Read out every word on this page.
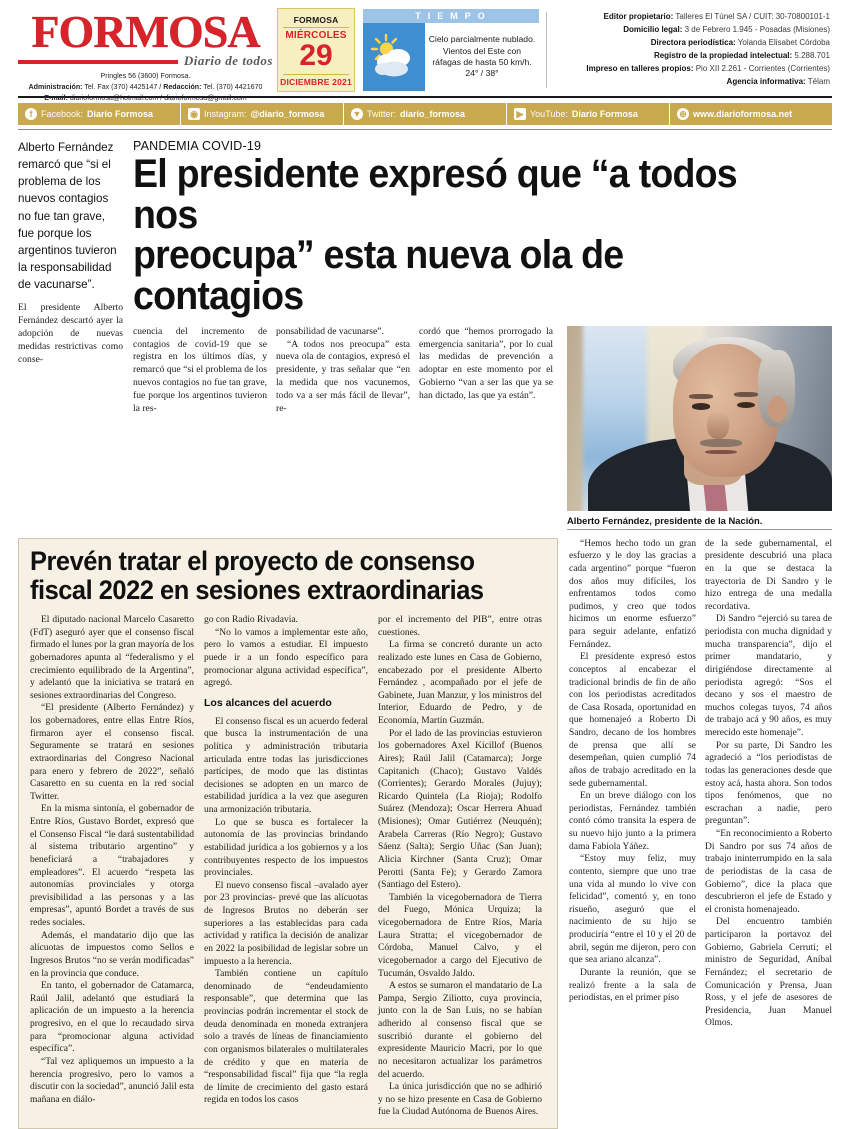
FORMOSA
Diario de todos
Pringles 56 (3600) Formosa.
Administración: Tel. Fax (370) 4425147 / Redacción: Tel. (370) 4421670
E-mail: diarioformosa@hotmail.com / diarioformosa@gmail.com
FORMOSA
MIÉRCOLES
29
DICIEMBRE 2021
TIEMPO
Cielo parcialmente nublado. Vientos del Este con ráfagas de hasta 50 km/h.
24° / 38°
Editor propietario: Talleres El Túnel SA / CUIT: 30-70800101-1
Domicilio legal: 3 de Febrero 1.945 - Posadas (Misiones)
Directora periodística: Yolanda Elisabet Córdoba
Registro de la propiedad intelectual: 5.288.701
Impreso en talleres propios: Pio XII 2.261 - Corrientes (Corrientes)
Agencia informativa: Télam
f Facebook: Diario Formosa	◉ Instagram: @diario_formosa	▼ Twitter: diario_formosa	▶ YouTube: Diario Formosa	⊕ www.diarioformosa.net
Alberto Fernández remarcó que “si el problema de los nuevos contagios no fue tan grave, fue porque los argentinos tuvieron la responsabilidad de vacunarse”.
El presidente Alberto Fernández descartó ayer la adopción de nuevas medidas restrictivas como conse-
PANDEMIA COVID-19
El presidente expresó que “a todos nos
preocupa” esta nueva ola de contagios

cuencia del incremento de contagios de covid-19 que se registra en los últimos días, y remarcó que “si el problema de los nuevos contagios no fue tan grave, fue porque los argentinos tuvieron la res-

ponsabilidad de vacunarse”.

“A todos nos preocupa” esta nueva ola de contagios, expresó el presidente, y tras señalar que “en la medida que nos vacunemos, todo va a ser más fácil de llevar”, re-

cordó que “hemos prorrogado la emergencia sanitaria”, por lo cual las medidas de prevención a adoptar en este momento por el Gobierno “van a ser las que ya se han dictado, las que ya están”.

Alberto Fernández, presidente de la Nación.
Prevén tratar el proyecto de consenso
fiscal 2022 en sesiones extraordinarias

El diputado nacional Marcelo Casaretto (FdT) aseguró ayer que el consenso fiscal firmado el lunes por la gran mayoría de los gobernadores apunta al “federalismo y el crecimiento equilibrado de la Argentina”, y adelantó que la iniciativa se tratará en sesiones extraordinarias del Congreso.

“El presidente (Alberto Fernández) y los gobernadores, entre ellas Entre Ríos, firmaron ayer el consenso fiscal. Seguramente se tratará en sesiones extraordinarias del Congreso Nacional para enero y febrero de 2022”, señaló Casaretto en su cuenta en la red social Twitter.

En la misma sintonía, el gobernador de Entre Ríos, Gustavo Bordet, expresó que el Consenso Fiscal “le dará sustentabilidad al sistema tributario argentino” y beneficiará a “trabajadores y empleadores”. El acuerdo “respeta las autonomías provinciales y otorga previsibilidad a las personas y a las empresas”, apuntó Bordet a través de sus redes sociales.

Además, el mandatario dijo que las alícuotas de impuestos como Sellos e Ingresos Brutos “no se verán modificadas” en la provincia que conduce.

En tanto, el gobernador de Catamarca, Raúl Jalil, adelantó que estudiará la aplicación de un impuesto a la herencia progresivo, en el que lo recaudado sirva para “promocionar alguna actividad específica”.

“Tal vez apliquemos un impuesto a la herencia progresivo, pero lo vamos a discutir con la sociedad”, anunció Jalil esta mañana en diálo-

go con Radio Rivadavia.

“No lo vamos a implementar este año, pero lo vamos a estudiar. El impuesto puede ir a un fondo específico para promocionar alguna actividad específica”, agregó.

Los alcances del acuerdo

El consenso fiscal es un acuerdo federal que busca la instrumentación de una política y administración tributaria articulada entre todas las jurisdicciones partícipes, de modo que las distintas decisiones se adopten en un marco de estabilidad jurídica a la vez que aseguren una armonización tributaria.

Lo que se busca es fortalecer la autonomía de las provincias brindando estabilidad jurídica a los gobiernos y a los contribuyentes respecto de los impuestos provinciales.

El nuevo consenso fiscal –avalado ayer por 23 provincias- prevé que las alícuotas de Ingresos Brutos no deberán ser superiores a las establecidas para cada actividad y ratifica la decisión de analizar en 2022 la posibilidad de legislar sobre un impuesto a la herencia.

También contiene un capítulo denominado de “endeudamiento responsable”, que determina que las provincias podrán incrementar el stock de deuda denominada en moneda extranjera solo a través de líneas de financiamiento con organismos bilaterales o multilaterales de crédito y que en materia de “responsabilidad fiscal” fija que “la regla de límite de crecimiento del gasto estará regida en todos los casos

por el incremento del PIB”, entre otras cuestiones.

La firma se concretó durante un acto realizado este lunes en Casa de Gobierno, encabezado por el presidente Alberto Fernández , acompañado por el jefe de Gabinete, Juan Manzur, y los ministros del Interior, Eduardo de Pedro, y de Economía, Martín Guzmán.

Por el lado de las provincias estuvieron los gobernadores Axel Kicillof (Buenos Aires); Raúl Jalil (Catamarca); Jorge Capitanich (Chaco); Gustavo Valdés (Corrientes); Gerardo Morales (Jujuy); Ricardo Quintela (La Rioja); Rodolfo Suárez (Mendoza); Oscar Herrera Ahuad (Misiones); Omar Gutiérrez (Neuquén); Arabela Carreras (Río Negro); Gustavo Sáenz (Salta); Sergio Uñac (San Juan); Alicia Kirchner (Santa Cruz); Omar Perotti (Santa Fe); y Gerardo Zamora (Santiago del Estero).

También la vicegobernadora de Tierra del Fuego, Mónica Urquiza; la vicegobernadora de Entre Ríos, María Laura Stratta; el vicegobernador de Córdoba, Manuel Calvo, y el vicegobernador a cargo del Ejecutivo de Tucumán, Osvaldo Jaldo.

A estos se sumaron el mandatario de La Pampa, Sergio Ziliotto, cuya provincia, junto con la de San Luis, no se habían adherido al consenso fiscal que se suscribió durante el gobierno del expresidente Mauricio Macri, por lo que no necesitaron actualizar los parámetros del acuerdo.

La única jurisdicción que no se adhirió y no se hizo presente en Casa de Gobierno fue la Ciudad Autónoma de Buenos Aires.

“Hemos hecho todo un gran esfuerzo y le doy las gracias a cada argentino” porque “fueron dos años muy difíciles, los enfrentamos todos como pudimos, y creo que todos hicimos un enorme esfuerzo” para seguir adelante, enfatizó Fernández.

El presidente expresó estos conceptos al encabezar el tradicional brindis de fin de año con los periodistas acreditados de Casa Rosada, oportunidad en que homenajeó a Roberto Di Sandro, decano de los hombres de prensa que allí se desempeñan, quien cumplió 74 años de trabajo acreditado en la sede gubernamental.

En un breve diálogo con los periodistas, Fernández también contó cómo transita la espera de su nuevo hijo junto a la primera dama Fabiola Yáñez.

“Estoy muy feliz, muy contento, siempre que uno trae una vida al mundo lo vive con felicidad”, comentó y, en tono risueño, aseguró que el nacimiento de su hijo se produciría “entre el 10 y el 20 de abril, según me dijeron, pero con que sea ariano alcanza”.

Durante la reunión, que se realizó frente a la sala de periodistas, en el primer piso

de la sede gubernamental, el presidente descubrió una placa en la que se destaca la trayectoria de Di Sandro y le hizo entrega de una medalla recordativa.

Di Sandro “ejerció su tarea de periodista con mucha dignidad y mucha transparencia”, dijo el primer mandatario, y dirigiéndose directamente al periodista agregó: “Sos el decano y sos el maestro de muchos colegas tuyos, 74 años de trabajo acá y 90 años, es muy merecido este homenaje”.

Por su parte, Di Sandro les agradeció a “los periodistas de todas las generaciones desde que estoy acá, hasta ahora. Son todos tipos fenómenos, que no escrachan a nadie, pero preguntan”.

“En reconocimiento a Roberto Di Sandro por sus 74 años de trabajo ininterrumpido en la sala de periodistas de la casa de Gobierno”, dice la placa que descubrieron el jefe de Estado y el cronista homenajeado.

Del encuentro también participaron la portavoz del Gobierno, Gabriela Cerruti; el ministro de Seguridad, Aníbal Fernández; el secretario de Comunicación y Prensa, Juan Ross, y el jefe de asesores de Presidencia, Juan Manuel Olmos.
